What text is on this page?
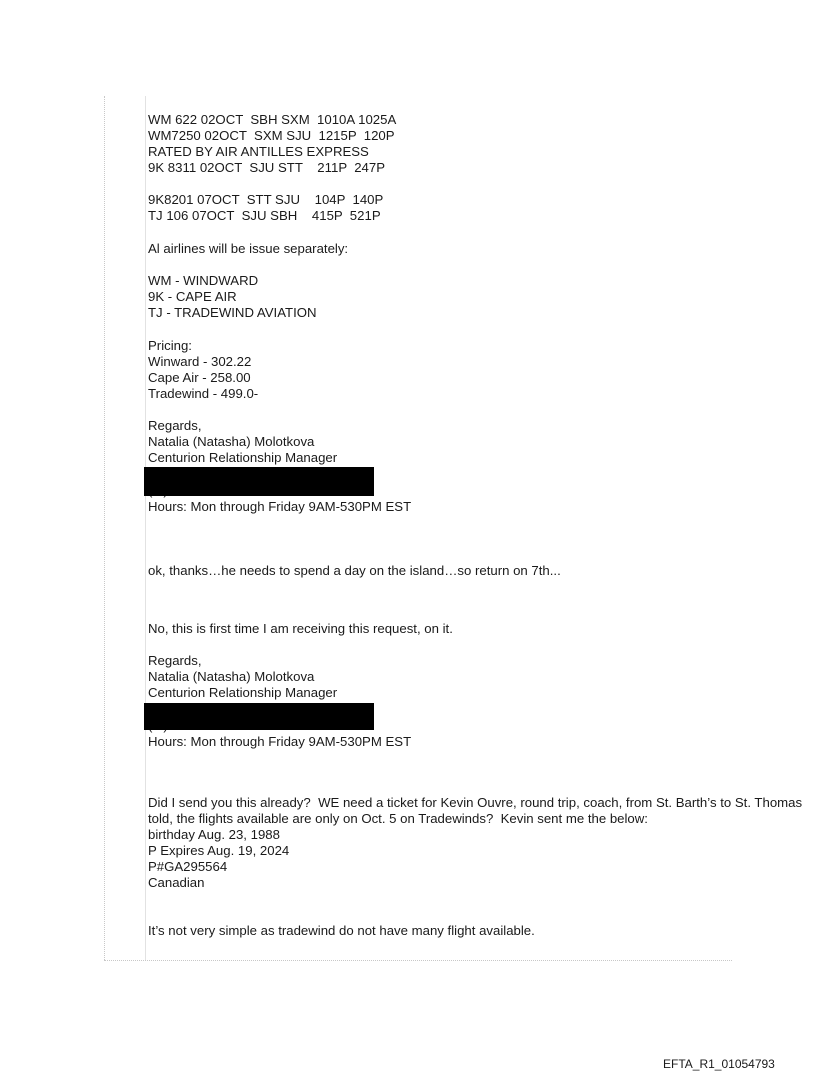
WM 622 02OCT  SBH SXM  1010A 1025A

WM7250 02OCT  SXM SJU  1215P  120P

RATED BY AIR ANTILLES EXPRESS

9K 8311 02OCT  SJU STT    211P  247P

9K8201 07OCT  STT SJU    104P  140P

TJ 106 07OCT  SJU SBH    415P  521P

Al airlines will be issue separately:

WM - WINDWARD

9K - CAPE AIR

TJ - TRADEWIND AVIATION

Pricing:

Winward - 302.22

Cape Air - 258.00

Tradewind - 499.0-

Regards,

Natalia (Natasha) Molotkova

Centurion Relationship Manager

Hours: Mon through Friday 9AM-530PM EST

ok, thanks…he needs to spend a day on the island…so return on 7th...

No, this is first time I am receiving this request, on it.

Regards,

Natalia (Natasha) Molotkova

Centurion Relationship Manager

Hours: Mon through Friday 9AM-530PM EST

Did I send you this already?  WE need a ticket for Kevin Ouvre, round trip, coach, from St. Barth’s to St. Thomas

told, the flights available are only on Oct. 5 on Tradewinds?  Kevin sent me the below:

birthday Aug. 23, 1988

P Expires Aug. 19, 2024

P#GA295564

Canadian

It’s not very simple as tradewind do not have many flight available.

EFTA_R1_01054793
